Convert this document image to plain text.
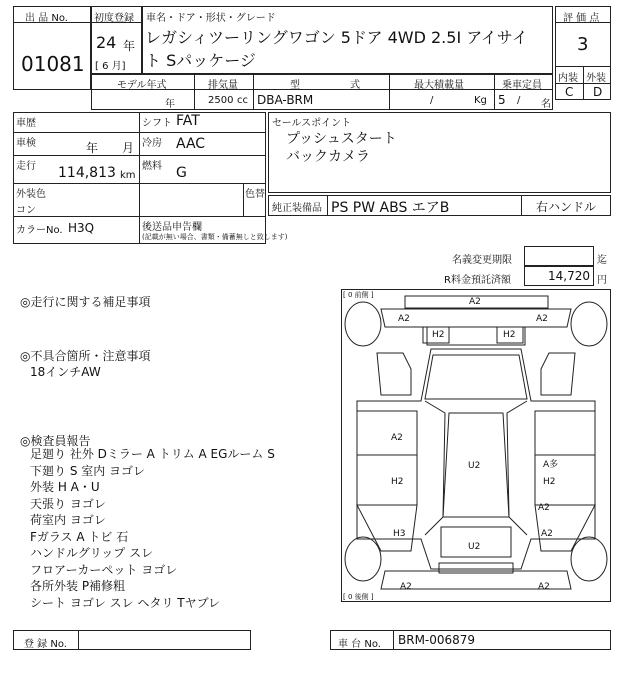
出 品 No.
01081
初度登録
24 年
[ 6 月]
車名・ドア・形状・グレード
レガシィツーリングワゴン 5ドア 4WD 2.5I アイサイ
ト Sパッケージ
評 価 点
3
内装 外装
C D
モデル年式
年
排気量
2500 cc
型	式
DBA-BRM
最大積載量
/	Kg
乗車定員
5 / 名
車歴	シフト FAT
車検	年 月 冷房 AAC
走行 114,813 km
燃料 G
外装色
コン
色替
カラーNo. H3Q	後送品申告欄
(記載が無い場合、書類・備蓄無しと致します)
セールスポイント
プッシュスタート
バックカメラ
純正装備品 PS PW ABS エアB	右ハンドル
名義変更期限	迄
R料金預託済額	14,720 円
◎走行に関する補足事項
◎不具合箇所・注意事項
18インチAW
◎検査員報告
足廻り 社外 Dミラー A トリム A EGルーム S
下廻り S 室内 ヨゴレ
外装 H A・U
天張り ヨゴレ
荷室内 ヨゴレ
Fガラス A トビ 石
ハンドルグリップ スレ
フロアーカーペット ヨゴレ
各所外装 P補修粗
シート ヨゴレ スレ ヘタリ Tヤブレ
[ 0 前側 ]
[ 0 後側 ]
A2
A2	A2
H2	H2
A2
H2
H3
U2
U2
A多
H2
A2
A2
A2	A2
登 録 No.	車 台 No. BRM-006879
